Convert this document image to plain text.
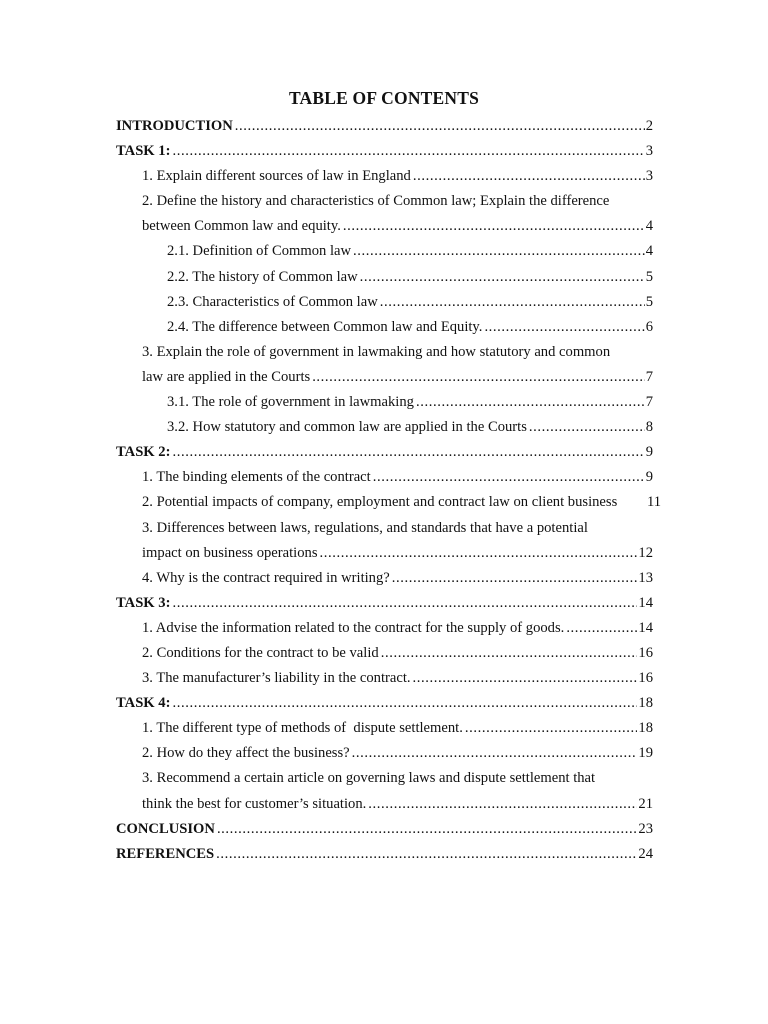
TABLE OF CONTENTS
INTRODUCTION .....	2
TASK 1: .....	3
1. Explain different sources of law in England .....	3
2. Define the history and characteristics of Common law; Explain the difference
between Common law and equity. .....	4
2.1. Definition of Common law .....	4
2.2. The history of Common law .....	5
2.3. Characteristics of Common law .....	5
2.4. The difference between Common law and Equity. .....	6
3. Explain the role of government in lawmaking and how statutory and common
law are applied in the Courts .....	7
3.1. The role of government in lawmaking .....	7
3.2. How statutory and common law are applied in the Courts .....	8
TASK 2: .....	9
1. The binding elements of the contract .....	9
2. Potential impacts of company, employment and contract law on client business 11
3. Differences between laws, regulations, and standards that have a potential
impact on business operations .....	12
4. Why is the contract required in writing? .....	13
TASK 3: .....	14
1. Advise the information related to the contract for the supply of goods. .....	14
2. Conditions for the contract to be valid .....	16
3. The manufacturer’s liability in the contract. .....	16
TASK 4: .....	18
1. The different type of methods of  dispute settlement. .....	18
2. How do they affect the business? .....	19
3. Recommend a certain article on governing laws and dispute settlement that
think the best for customer’s situation. .....	21
CONCLUSION .....	23
REFERENCES .....	24
